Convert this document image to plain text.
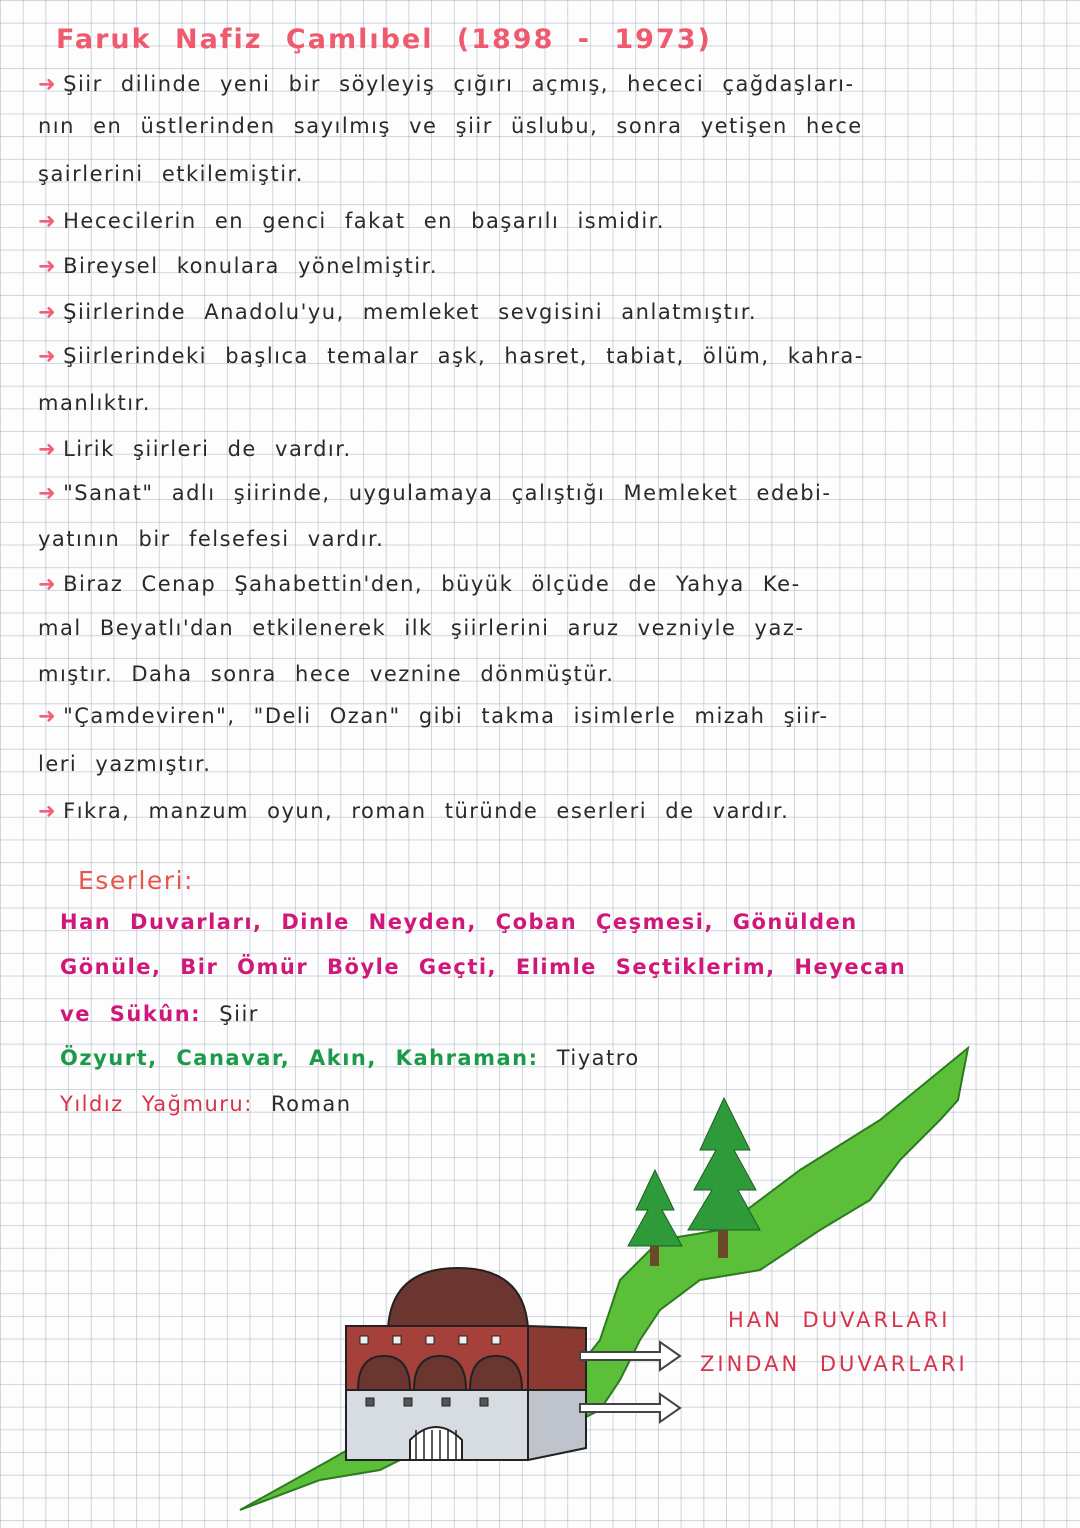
Faruk Nafiz Çamlıbel (1898 - 1973)
➜ Şiir dilinde yeni bir söyleyiş çığırı açmış, hececi çağdaşları-
nın en üstlerinden sayılmış ve şiir üslubu, sonra yetişen hece
şairlerini etkilemiştir.
➜ Hececilerin en genci fakat en başarılı ismidir.
➜ Bireysel konulara yönelmiştir.
➜ Şiirlerinde Anadolu'yu, memleket sevgisini anlatmıştır.
➜ Şiirlerindeki başlıca temalar aşk, hasret, tabiat, ölüm, kahra-
manlıktır.
➜ Lirik şiirleri de vardır.
➜ "Sanat" adlı şiirinde, uygulamaya çalıştığı Memleket edebi-
yatının bir felsefesi vardır.
➜ Biraz Cenap Şahabettin'den, büyük ölçüde de Yahya Ke-
mal Beyatlı'dan etkilenerek ilk şiirlerini aruz vezniyle yaz-
mıştır. Daha sonra hece veznine dönmüştür.
➜ "Çamdeviren", "Deli Ozan" gibi takma isimlerle mizah şiir-
leri yazmıştır.
➜ Fıkra, manzum oyun, roman türünde eserleri de vardır.
Eserleri:
Han Duvarları, Dinle Neyden, Çoban Çeşmesi, Gönülden
Gönüle, Bir Ömür Böyle Geçti, Elimle Seçtiklerim, Heyecan
ve Sükûn: Şiir
Özyurt, Canavar, Akın, Kahraman: Tiyatro
Yıldız Yağmuru: Roman
HAN DUVARLARI
ZINDAN DUVARLARI
